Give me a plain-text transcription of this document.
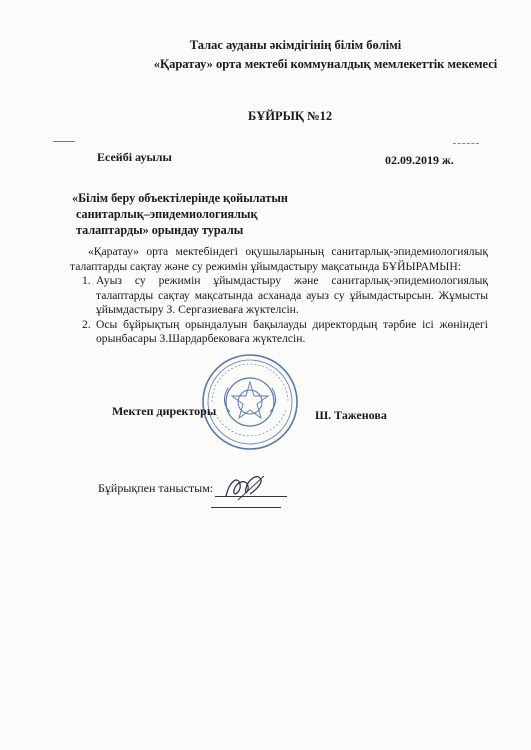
Талас ауданы әкімдігінің білім бөлімі
«Қаратау» орта мектебі коммуналдық мемлекеттік мекемесі
БҰЙРЫҚ №12
Есейбі ауылы	02.09.2019 ж.
«Білім беру объектілерінде қойылатын
санитарлық–эпидемиологиялық
талаптарды» орындау туралы

«Қаратау» орта мектебіндегі оқушыларының санитарлық-эпидемиологиялық талаптарды сақтау және су режимін ұйымдастыру мақсатында БҰЙЫРАМЫН:

1. Ауыз су режимін ұйымдастыру және санитарлық-эпидемиологиялық талаптарды сақтау мақсатында асханада ауыз су ұйымдастырсын. Жұмысты ұйымдастыру З. Сергазиеваға жүктелсін.
2. Осы бұйрықтың орындалуын бақылауды директордың тәрбие ісі жөніндегі орынбасары З.Шардарбековаға жүктелсін.
Мектеп директоры	Ш. Таженова
Бұйрықпен таныстым:
